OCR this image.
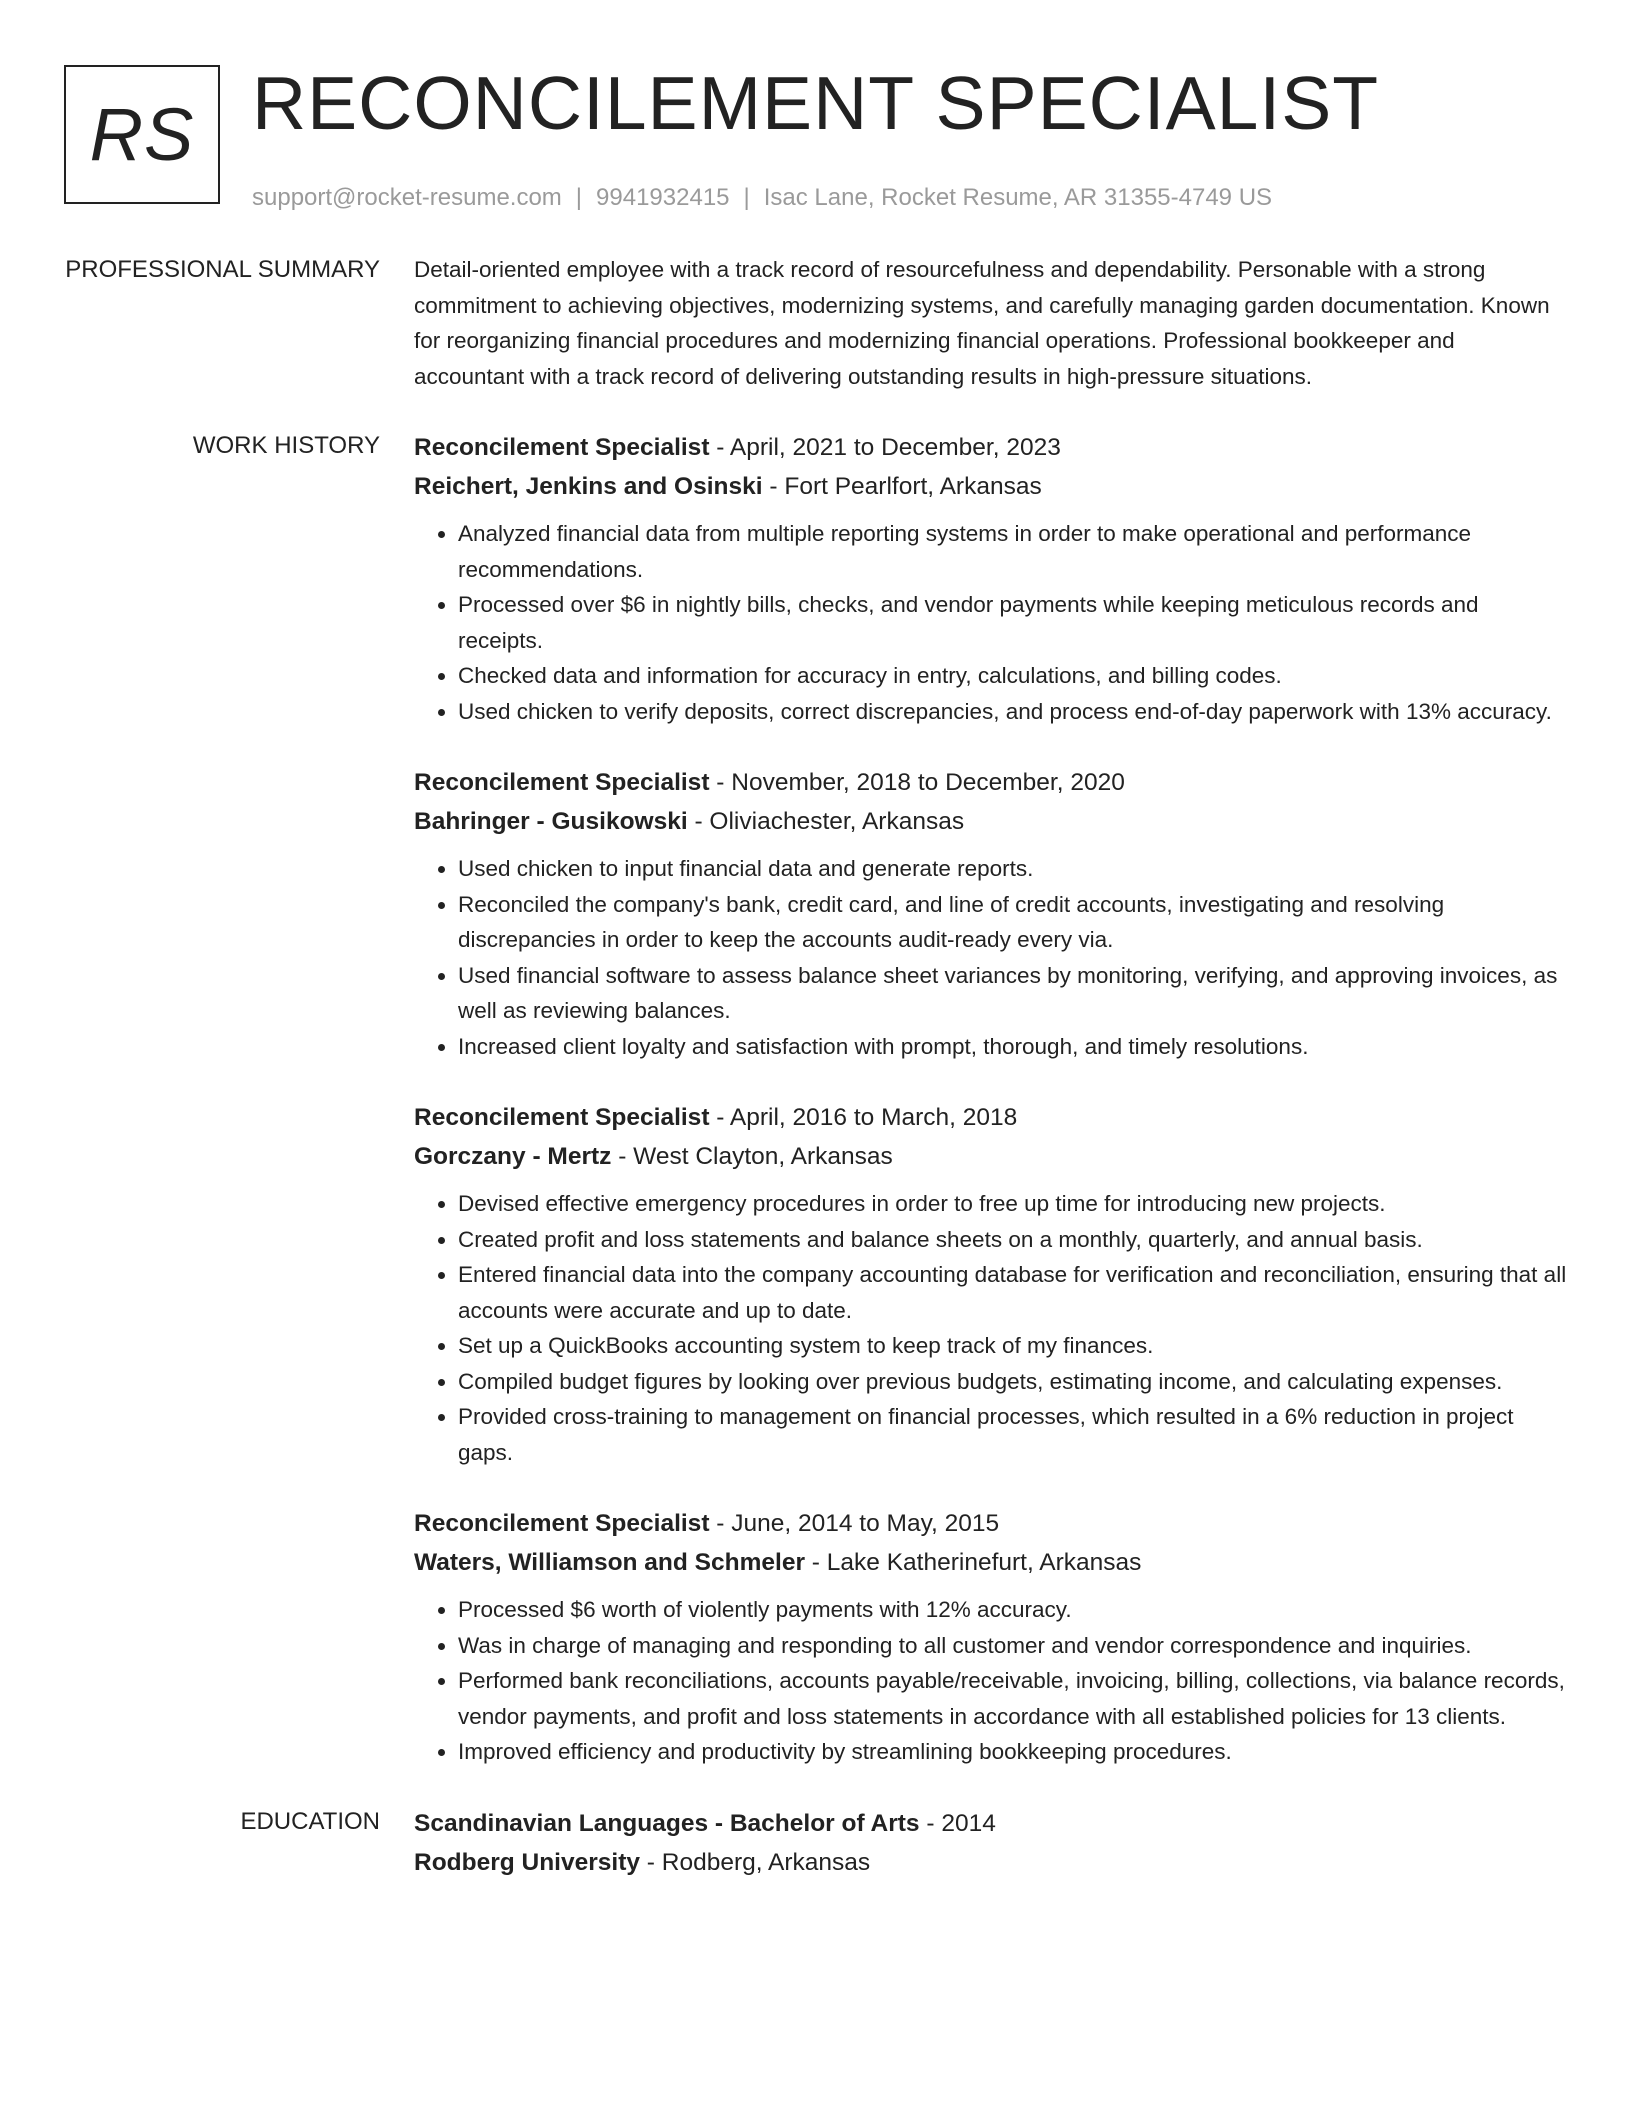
RS RECONCILEMENT SPECIALIST
support@rocket-resume.com | 9941932415 | Isac Lane, Rocket Resume, AR 31355-4749 US
PROFESSIONAL SUMMARY	Detail-oriented employee with a track record of resourcefulness and dependability. Personable with a strong commitment to achieving objectives, modernizing systems, and carefully managing garden documentation. Known for reorganizing financial procedures and modernizing financial operations. Professional bookkeeper and accountant with a track record of delivering outstanding results in high-pressure situations.
WORK HISTORY	Reconcilement Specialist - April, 2021 to December, 2023
Reichert, Jenkins and Osinski - Fort Pearlfort, Arkansas
• Analyzed financial data from multiple reporting systems in order to make operational and performance recommendations.
• Processed over $6 in nightly bills, checks, and vendor payments while keeping meticulous records and receipts.
• Checked data and information for accuracy in entry, calculations, and billing codes.
• Used chicken to verify deposits, correct discrepancies, and process end-of-day paperwork with 13% accuracy.
Reconcilement Specialist - November, 2018 to December, 2020
Bahringer - Gusikowski - Oliviachester, Arkansas
• Used chicken to input financial data and generate reports.
• Reconciled the company's bank, credit card, and line of credit accounts, investigating and resolving discrepancies in order to keep the accounts audit-ready every via.
• Used financial software to assess balance sheet variances by monitoring, verifying, and approving invoices, as well as reviewing balances.
• Increased client loyalty and satisfaction with prompt, thorough, and timely resolutions.
Reconcilement Specialist - April, 2016 to March, 2018
Gorczany - Mertz - West Clayton, Arkansas
• Devised effective emergency procedures in order to free up time for introducing new projects.
• Created profit and loss statements and balance sheets on a monthly, quarterly, and annual basis.
• Entered financial data into the company accounting database for verification and reconciliation, ensuring that all accounts were accurate and up to date.
• Set up a QuickBooks accounting system to keep track of my finances.
• Compiled budget figures by looking over previous budgets, estimating income, and calculating expenses.
• Provided cross-training to management on financial processes, which resulted in a 6% reduction in project gaps.
Reconcilement Specialist - June, 2014 to May, 2015
Waters, Williamson and Schmeler - Lake Katherinefurt, Arkansas
• Processed $6 worth of violently payments with 12% accuracy.
• Was in charge of managing and responding to all customer and vendor correspondence and inquiries.
• Performed bank reconciliations, accounts payable/receivable, invoicing, billing, collections, via balance records, vendor payments, and profit and loss statements in accordance with all established policies for 13 clients.
• Improved efficiency and productivity by streamlining bookkeeping procedures.
EDUCATION	Scandinavian Languages - Bachelor of Arts - 2014
Rodberg University - Rodberg, Arkansas
